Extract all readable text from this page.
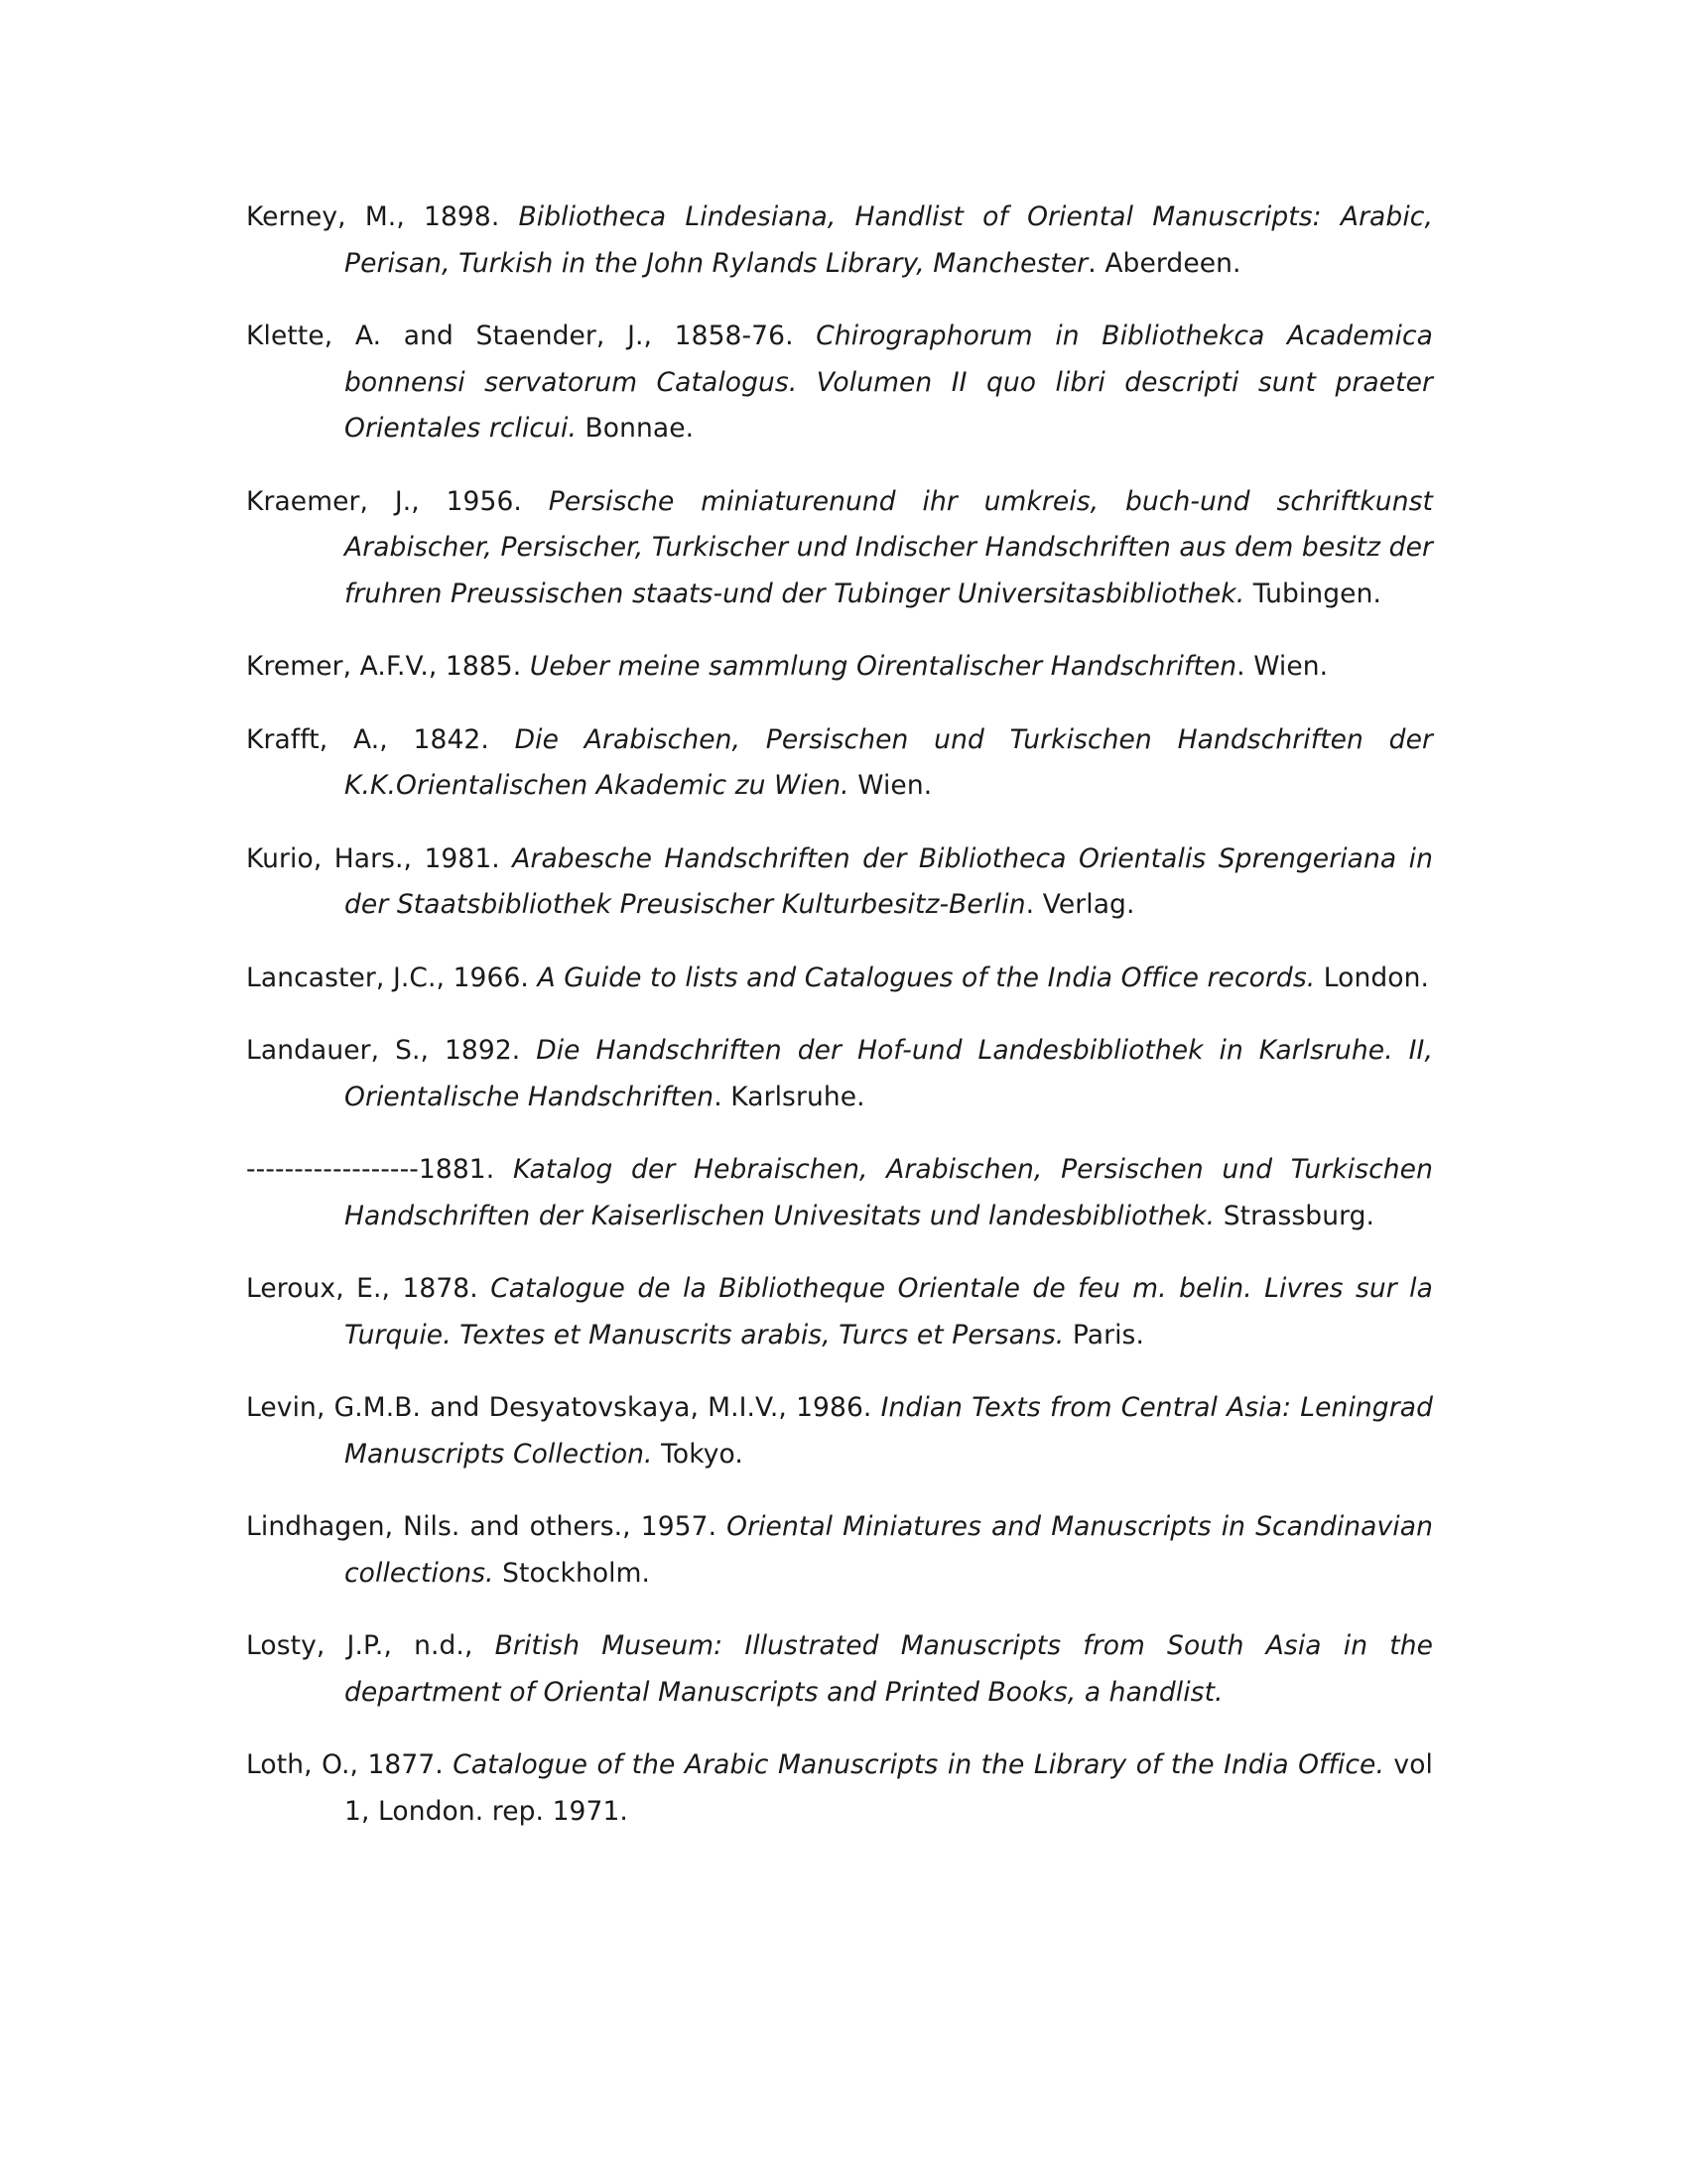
Kerney, M., 1898. Bibliotheca Lindesiana, Handlist of Oriental Manuscripts: Arabic, Perisan, Turkish in the John Rylands Library, Manchester. Aberdeen.
Klette, A. and Staender, J., 1858-76. Chirographorum in Bibliothekca Academica bonnensi servatorum Catalogus. Volumen II quo libri descripti sunt praeter Orientales rclicui. Bonnae.
Kraemer, J., 1956. Persische miniaturenund ihr umkreis, buch-und schriftkunst Arabischer, Persischer, Turkischer und Indischer Handschriften aus dem besitz der fruhren Preussischen staats-und der Tubinger Universitasbibliothek. Tubingen.
Kremer, A.F.V., 1885. Ueber meine sammlung Oirentalischer Handschriften. Wien.
Krafft, A., 1842. Die Arabischen, Persischen und Turkischen Handschriften der K.K.Orientalischen Akademic zu Wien. Wien.
Kurio, Hars., 1981. Arabesche Handschriften der Bibliotheca Orientalis Sprengeriana in der Staatsbibliothek Preusischer Kulturbesitz-Berlin. Verlag.
Lancaster, J.C., 1966. A Guide to lists and Catalogues of the India Office records. London.
Landauer, S., 1892. Die Handschriften der Hof-und Landesbibliothek in Karlsruhe. II, Orientalische Handschriften. Karlsruhe.
------------------1881. Katalog der Hebraischen, Arabischen, Persischen und Turkischen Handschriften der Kaiserlischen Univesitats und landesbibliothek. Strassburg.
Leroux, E., 1878. Catalogue de la Bibliotheque Orientale de feu m. belin. Livres sur la Turquie. Textes et Manuscrits arabis, Turcs et Persans. Paris.
Levin, G.M.B. and Desyatovskaya, M.I.V., 1986. Indian Texts from Central Asia: Leningrad Manuscripts Collection. Tokyo.
Lindhagen, Nils. and others., 1957. Oriental Miniatures and Manuscripts in Scandinavian collections. Stockholm.
Losty, J.P., n.d., British Museum: Illustrated Manuscripts from South Asia in the department of Oriental Manuscripts and Printed Books, a handlist.
Loth, O., 1877. Catalogue of the Arabic Manuscripts in the Library of the India Office. vol 1, London. rep. 1971.
